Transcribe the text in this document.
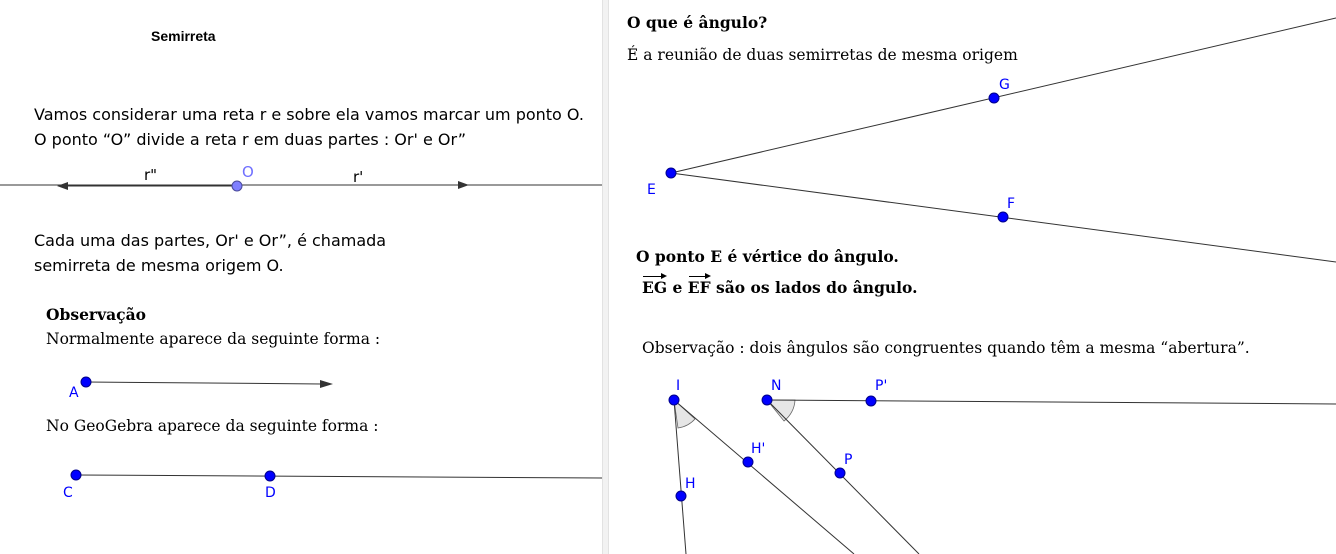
Semirreta
Vamos considerar uma reta r e sobre ela vamos marcar um ponto O.
O ponto “O” divide a reta r em duas partes : Or' e Or”
r"	O	r'
Cada uma das partes, Or' e Or”, é chamada
semirreta de mesma origem O.
Observação
Normalmente aparece da seguinte forma :
A
No GeoGebra aparece da seguinte forma :
C	D
O que é ângulo?
É a reunião de duas semirretas de mesma origem
G
E
F
O ponto E é vértice do ângulo.
EG e EF são os lados do ângulo.
Observação : dois ângulos são congruentes quando têm a mesma “abertura”.
I	N	P'
H'
P
H
